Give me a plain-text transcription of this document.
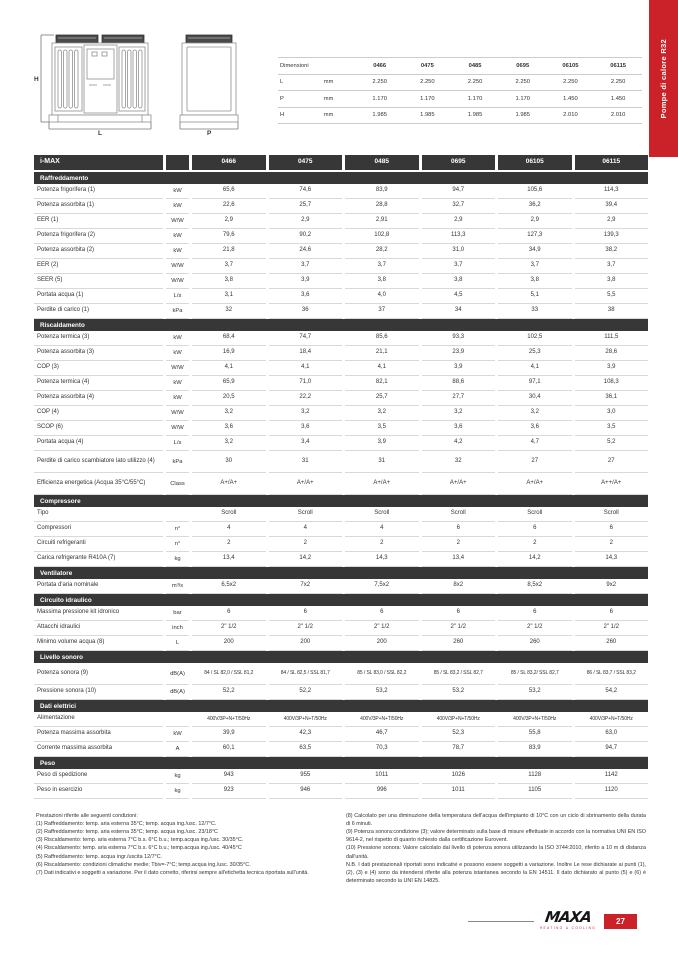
Pompe di calore R32
H
L	P
Dimensioni	0466	0475	0485	0695	06105	06115
L	mm	2.250	2.250	2.250	2.250	2.250	2.250
P	mm	1.170	1.170	1.170	1.170	1.450	1.450
H	mm	1.985	1.985	1.985	1.985	2.010	2.010
i-MAX	0466	0475	0485	0695	06105	06115
Raffreddamento
Potenza frigorifera (1)	kW	65,6	74,6	83,9	94,7	105,6	114,3
Potenza assorbita (1)	kW	22,6	25,7	28,8	32,7	36,2	39,4
EER (1)	W/W	2,9	2,9	2,91	2,9	2,9	2,9
Potenza frigorifera (2)	kW	79,6	90,2	102,8	113,3	127,3	139,3
Potenza assorbita (2)	kW	21,8	24,6	28,2	31,0	34,9	38,2
EER (2)	W/W	3,7	3,7	3,7	3,7	3,7	3,7
SEER (5)	W/W	3,8	3,9	3,8	3,8	3,8	3,8
Portata acqua (1)	L/s	3,1	3,6	4,0	4,5	5,1	5,5
Perdite di carico (1)	kPa	32	36	37	34	33	38
Riscaldamento
Potenza termica (3)	kW	68,4	74,7	85,6	93,3	102,5	111,5
Potenza assorbita (3)	kW	16,9	18,4	21,1	23,9	25,3	28,6
COP (3)	W/W	4,1	4,1	4,1	3,9	4,1	3,9
Potenza termica (4)	kW	65,9	71,0	82,1	88,6	97,1	108,3
Potenza assorbita (4)	kW	20,5	22,2	25,7	27,7	30,4	36,1
COP (4)	W/W	3,2	3,2	3,2	3,2	3,2	3,0
SCOP (6)	W/W	3,6	3,6	3,5	3,6	3,6	3,5
Portata acqua (4)	L/s	3,2	3,4	3,9	4,2	4,7	5,2
Perdite di carico scambiatore lato utilizzo (4)	kPa	30	31	31	32	27	27
Efficienza energetica (Acqua 35°C/55°C)	Class	A+/A+	A+/A+	A+/A+	A+/A+	A+/A+	A++/A+
Compressore
Tipo	Scroll	Scroll	Scroll	Scroll	Scroll	Scroll
Compressori	n°	4	4	4	6	6	6
Circuiti refrigeranti	n°	2	2	2	2	2	2
Carica refrigerante R410A (7)	kg	13,4	14,2	14,3	13,4	14,2	14,3
Ventilatore
Portata d'aria nominale	m³/s	6,5x2	7x2	7,5x2	8x2	8,5x2	9x2
Circuito idraulico
Massima pressione kit idronico	bar	6	6	6	6	6	6
Attacchi idraulici	inch	2" 1/2	2" 1/2	2" 1/2	2" 1/2	2" 1/2	2" 1/2
Minimo volume acqua (8)	L	200	200	200	260	260	260
Livello sonoro
Potenza sonora (9)	dB(A)	84 / SL 82,0 / SSL 81,2	84 / SL 82,5 / SSL 81,7	85 / SL 83,0 / SSL 82,2	85 / SL 83,2 / SSL 82,7	85 / SL 83,2/ SSL 82,7	86 / SL 83,7 / SSL 83,2
Pressione sonora (10)	dB(A)	52,2	52,2	53,2	53,2	53,2	54,2
Dati elettrici
Alimentazione	400V/3P+N+T/50Hz	400V/3P+N+T/50Hz	400V/3P+N+T/50Hz	400V/3P+N+T/50Hz	400V/3P+N+T/50Hz	400V/3P+N+T/50Hz
Potenza massima assorbita	kW	39,9	42,3	46,7	52,3	55,8	63,0
Corrente massima assorbita	A	60,1	63,5	70,3	78,7	83,9	94,7
Peso
Peso di spedizione	kg	943	955	1011	1026	1128	1142
Peso in esercizio	kg	923	946	996	1011	1105	1120
Prestazioni riferite alle seguenti condizioni:
(1) Raffreddamento: temp. aria esterna 35°C; temp. acqua ing./usc. 12/7°C.
(2) Raffreddamento: temp. aria esterna 35°C; temp. acqua ing./usc. 23/18°C
(3) Riscaldamento: temp. aria esterna 7°C b.s. 6°C b.u.; temp.acqua ing./usc. 30/35°C.
(4) Riscaldamento: temp. aria esterna 7°C b.s. 6°C b.u.; temp.acqua ing./usc. 40/45°C
(5) Raffreddamento: temp. acqua ingr./uscita 12/7°C.
(6) Riscaldamento: condizioni climatiche medie; Tbiv=-7°C; temp.acqua ing./usc. 30/35°C.
(7) Dati indicativi e soggetti a variazione. Per il dato corretto, riferirsi sempre all'etichetta tecnica riportata sull'unità.
(8) Calcolato per una diminuzione della temperatura dell'acqua dell'impianto di 10°C con un ciclo di sbrinamento della durata di 6 minuti.
(9) Potenza sonora:condizione (3); valore determinato sulla base di misure effettuate in accordo con la normativa UNI EN ISO 9614-2, nel rispetto di quanto richiesto dalla certificazione Eurovent.
(10) Pressione sonora: Valore calcolato dal livello di potenza sonora utilizzando la ISO 3744:2010, riferito a 10 m di distanza dall'unità.
N.B. I dati prestazionali riportati sono indicativi e possono essere soggetti a variazione. Inoltre Le rese dichiarate ai punti (1), (2), (3) e (4) sono da intendersi riferite alla potenza istantanea secondo la EN 14511. Il dato dichiarato al punto (5) e (6) è determinato secondo la UNI EN 14825.
MAXA
HEATING & COOLING
27
